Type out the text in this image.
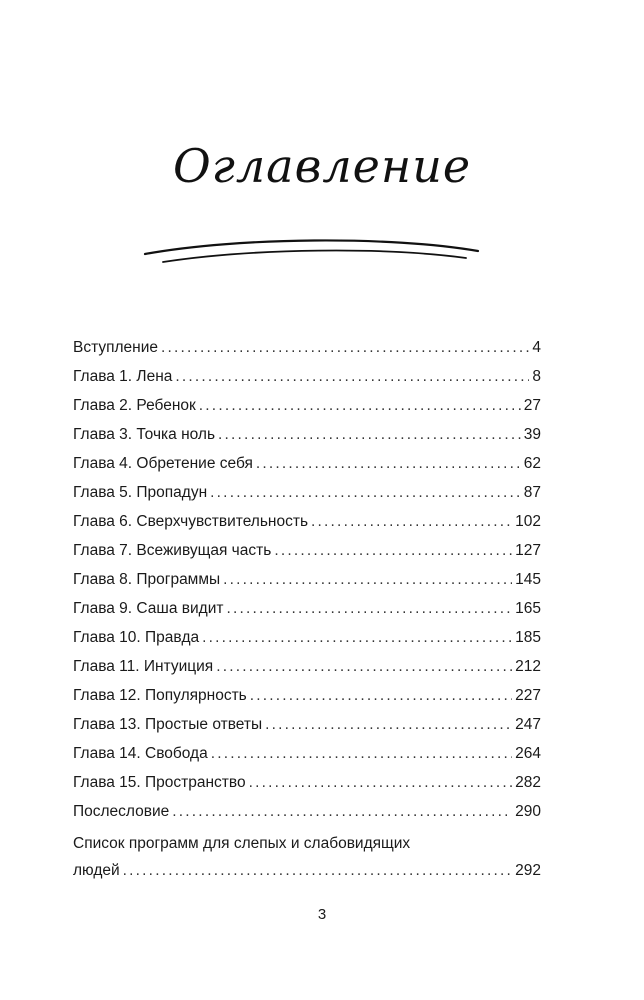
Оглавление
Вступление .....	4
Глава 1. Лена .....	8
Глава 2. Ребенок .....	27
Глава 3. Точка ноль .....	39
Глава 4. Обретение себя .....	62
Глава 5. Пропадун .....	87
Глава 6. Сверхчувствительность .....	102
Глава 7. Всеживущая часть .....	127
Глава 8. Программы .....	145
Глава 9. Саша видит .....	165
Глава 10. Правда .....	185
Глава 11. Интуиция .....	212
Глава 12. Популярность .....	227
Глава 13. Простые ответы .....	247
Глава 14. Свобода .....	264
Глава 15. Пространство .....	282
Послесловие .....	290
Список программ для слепых и слабовидящих
людей .....	292
3
